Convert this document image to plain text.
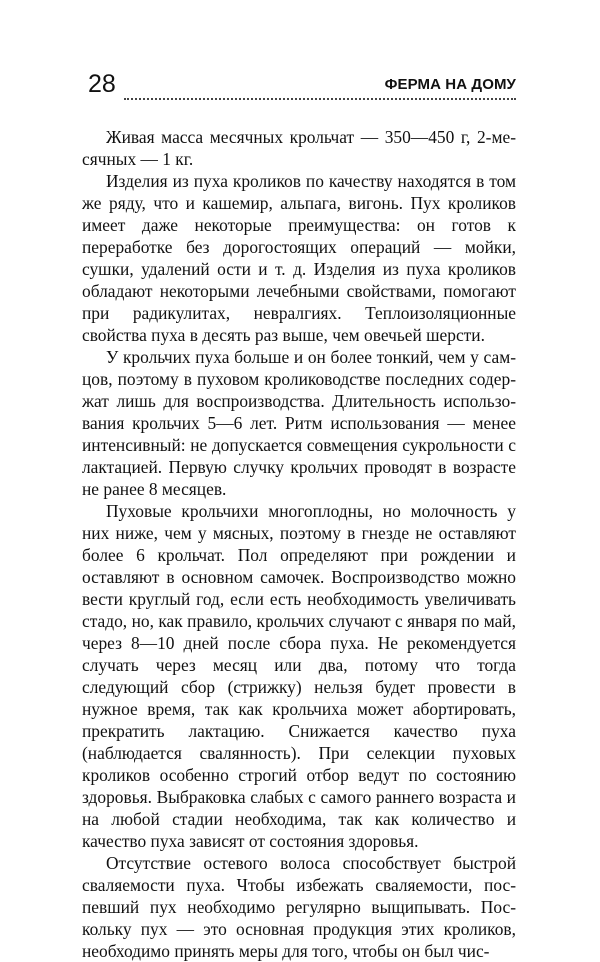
28	ФЕРМА НА ДОМУ

Живая масса месячных крольчат — 350—450 г, 2-месячных — 1 кг.

Изделия из пуха кроликов по качеству находятся в том же ряду, что и кашемир, альпага, вигонь. Пух кроликов имеет даже некоторые преимущества: он готов к переработке без дорогостоящих операций — мойки, сушки, удалений ости и т. д. Изделия из пуха кроликов обладают некоторыми лечебными свойствами, помогают при радикулитах, невралгиях. Теплоизоляционные свойства пуха в десять раз выше, чем овечьей шерсти.

У крольчих пуха больше и он более тонкий, чем у самцов, поэтому в пуховом кролиководстве последних содержат лишь для воспроизводства. Длительность использования крольчих 5—6 лет. Ритм использования — менее интенсивный: не допускается совмещения сукрольности с лактацией. Первую случку крольчих проводят в возрасте не ранее 8 месяцев.

Пуховые крольчихи многоплодны, но молочность у них ниже, чем у мясных, поэтому в гнезде не оставляют более 6 крольчат. Пол определяют при рождении и оставляют в основном самочек. Воспроизводство можно вести круглый год, если есть необходимость увеличивать стадо, но, как правило, крольчих случают с января по май, через 8—10 дней после сбора пуха. Не рекомендуется случать через месяц или два, потому что тогда следующий сбор (стрижку) нельзя будет провести в нужное время, так как крольчиха может абортировать, прекратить лактацию. Снижается качество пуха (наблюдается свалянность). При селекции пуховых кроликов особенно строгий отбор ведут по состоянию здоровья. Выбраковка слабых с самого раннего возраста и на любой стадии необходима, так как количество и качество пуха зависят от состояния здоровья.

Отсутствие остевого волоса способствует быстрой сваляемости пуха. Чтобы избежать сваляемости, поспевший пух необходимо регулярно выщипывать. Поскольку пух — это основная продукция этих кроликов, необходимо принять меры для того, чтобы он был чис-
